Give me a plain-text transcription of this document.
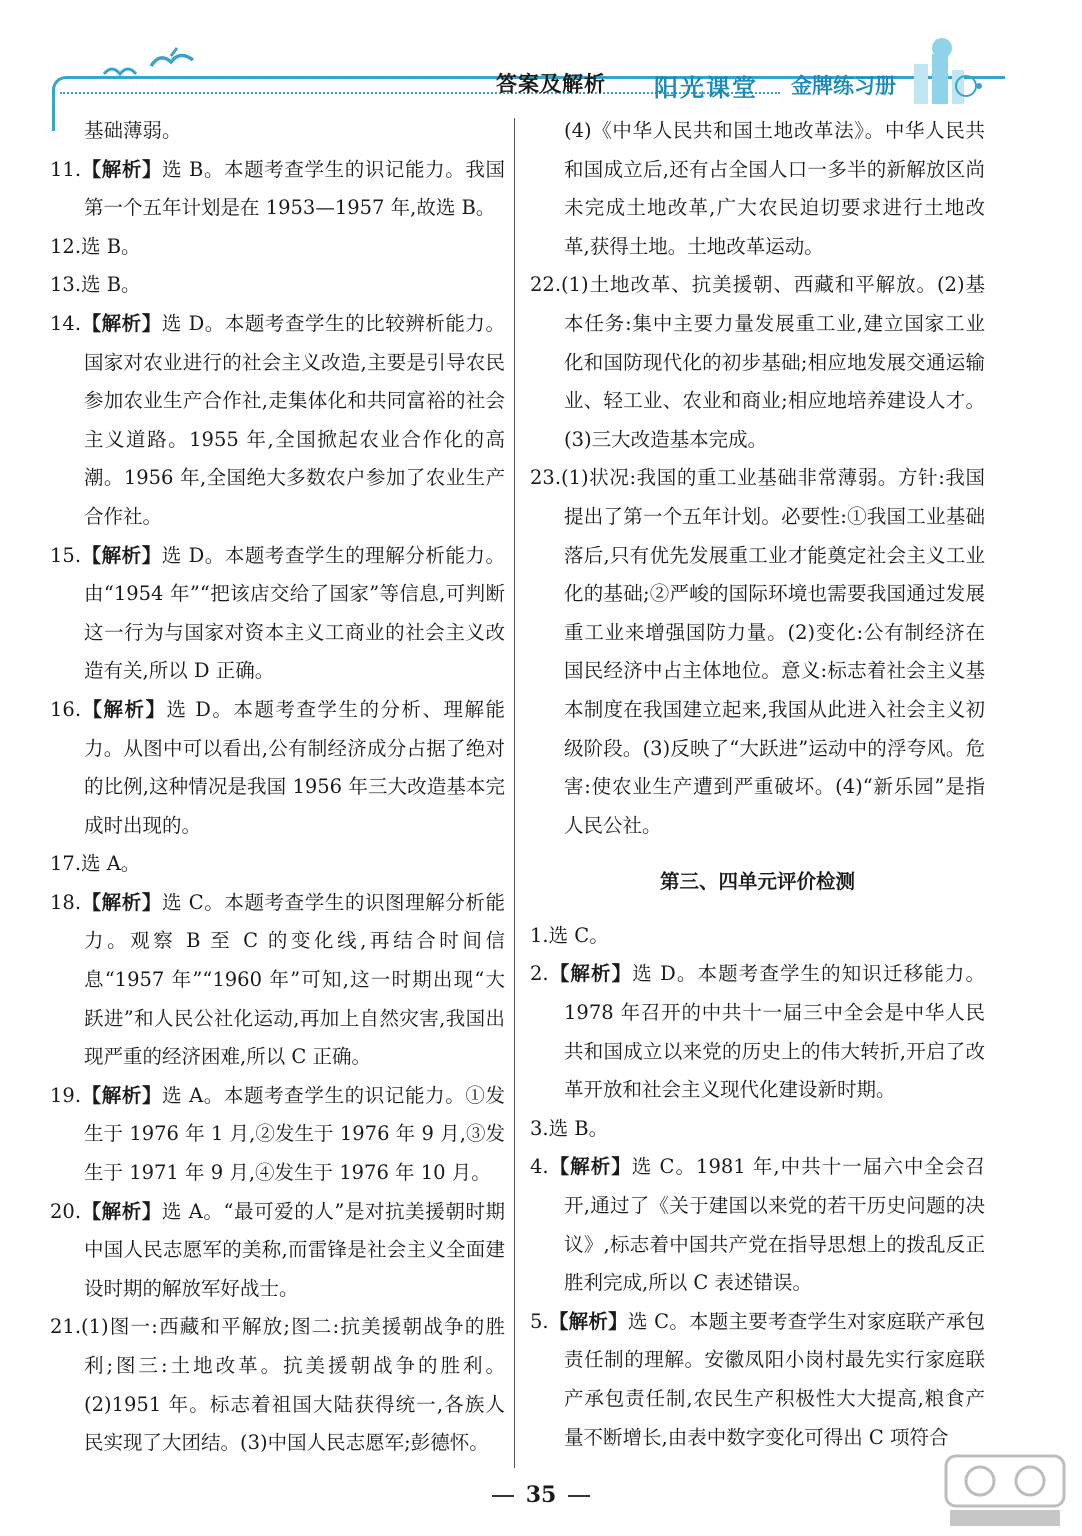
答案及解析 阳光课堂 金牌练习册
基础薄弱。
11.【解析】选 B。本题考查学生的识记能力。我国第一个五年计划是在 1953—1957 年,故选 B。
12.选 B。
13.选 B。
14.【解析】选 D。本题考查学生的比较辨析能力。国家对农业进行的社会主义改造,主要是引导农民参加农业生产合作社,走集体化和共同富裕的社会主义道路。1955 年,全国掀起农业合作化的高潮。1956 年,全国绝大多数农户参加了农业生产合作社。
15.【解析】选 D。本题考查学生的理解分析能力。由“1954 年”“把该店交给了国家”等信息,可判断这一行为与国家对资本主义工商业的社会主义改造有关,所以 D 正确。
16.【解析】选 D。本题考查学生的分析、理解能力。从图中可以看出,公有制经济成分占据了绝对的比例,这种情况是我国 1956 年三大改造基本完成时出现的。
17.选 A。
18.【解析】选 C。本题考查学生的识图理解分析能力。观察 B 至 C 的变化线,再结合时间信息“1957 年”“1960 年”可知,这一时期出现“大跃进”和人民公社化运动,再加上自然灾害,我国出现严重的经济困难,所以 C 正确。
19.【解析】选 A。本题考查学生的识记能力。①发生于 1976 年 1 月,②发生于 1976 年 9 月,③发生于 1971 年 9 月,④发生于 1976 年 10 月。
20.【解析】选 A。“最可爱的人”是对抗美援朝时期中国人民志愿军的美称,而雷锋是社会主义全面建设时期的解放军好战士。
21.(1)图一:西藏和平解放;图二:抗美援朝战争的胜利;图三:土地改革。抗美援朝战争的胜利。(2)1951 年。标志着祖国大陆获得统一,各族人民实现了大团结。(3)中国人民志愿军;彭德怀。
(4)《中华人民共和国土地改革法》。中华人民共和国成立后,还有占全国人口一多半的新解放区尚未完成土地改革,广大农民迫切要求进行土地改革,获得土地。土地改革运动。
22.(1)土地改革、抗美援朝、西藏和平解放。(2)基本任务:集中主要力量发展重工业,建立国家工业化和国防现代化的初步基础;相应地发展交通运输业、轻工业、农业和商业;相应地培养建设人才。(3)三大改造基本完成。
23.(1)状况:我国的重工业基础非常薄弱。方针:我国提出了第一个五年计划。必要性:①我国工业基础落后,只有优先发展重工业才能奠定社会主义工业化的基础;②严峻的国际环境也需要我国通过发展重工业来增强国防力量。(2)变化:公有制经济在国民经济中占主体地位。意义:标志着社会主义基本制度在我国建立起来,我国从此进入社会主义初级阶段。(3)反映了“大跃进”运动中的浮夸风。危害:使农业生产遭到严重破坏。(4)“新乐园”是指人民公社。
第三、四单元评价检测
1.选 C。
2.【解析】选 D。本题考查学生的知识迁移能力。1978 年召开的中共十一届三中全会是中华人民共和国成立以来党的历史上的伟大转折,开启了改革开放和社会主义现代化建设新时期。
3.选 B。
4.【解析】选 C。1981 年,中共十一届六中全会召开,通过了《关于建国以来党的若干历史问题的决议》,标志着中国共产党在指导思想上的拨乱反正胜利完成,所以 C 表述错误。
5.【解析】选 C。本题主要考查学生对家庭联产承包责任制的理解。安徽凤阳小岗村最先实行家庭联产承包责任制,农民生产积极性大大提高,粮食产量不断增长,由表中数字变化可得出 C 项符合
35
